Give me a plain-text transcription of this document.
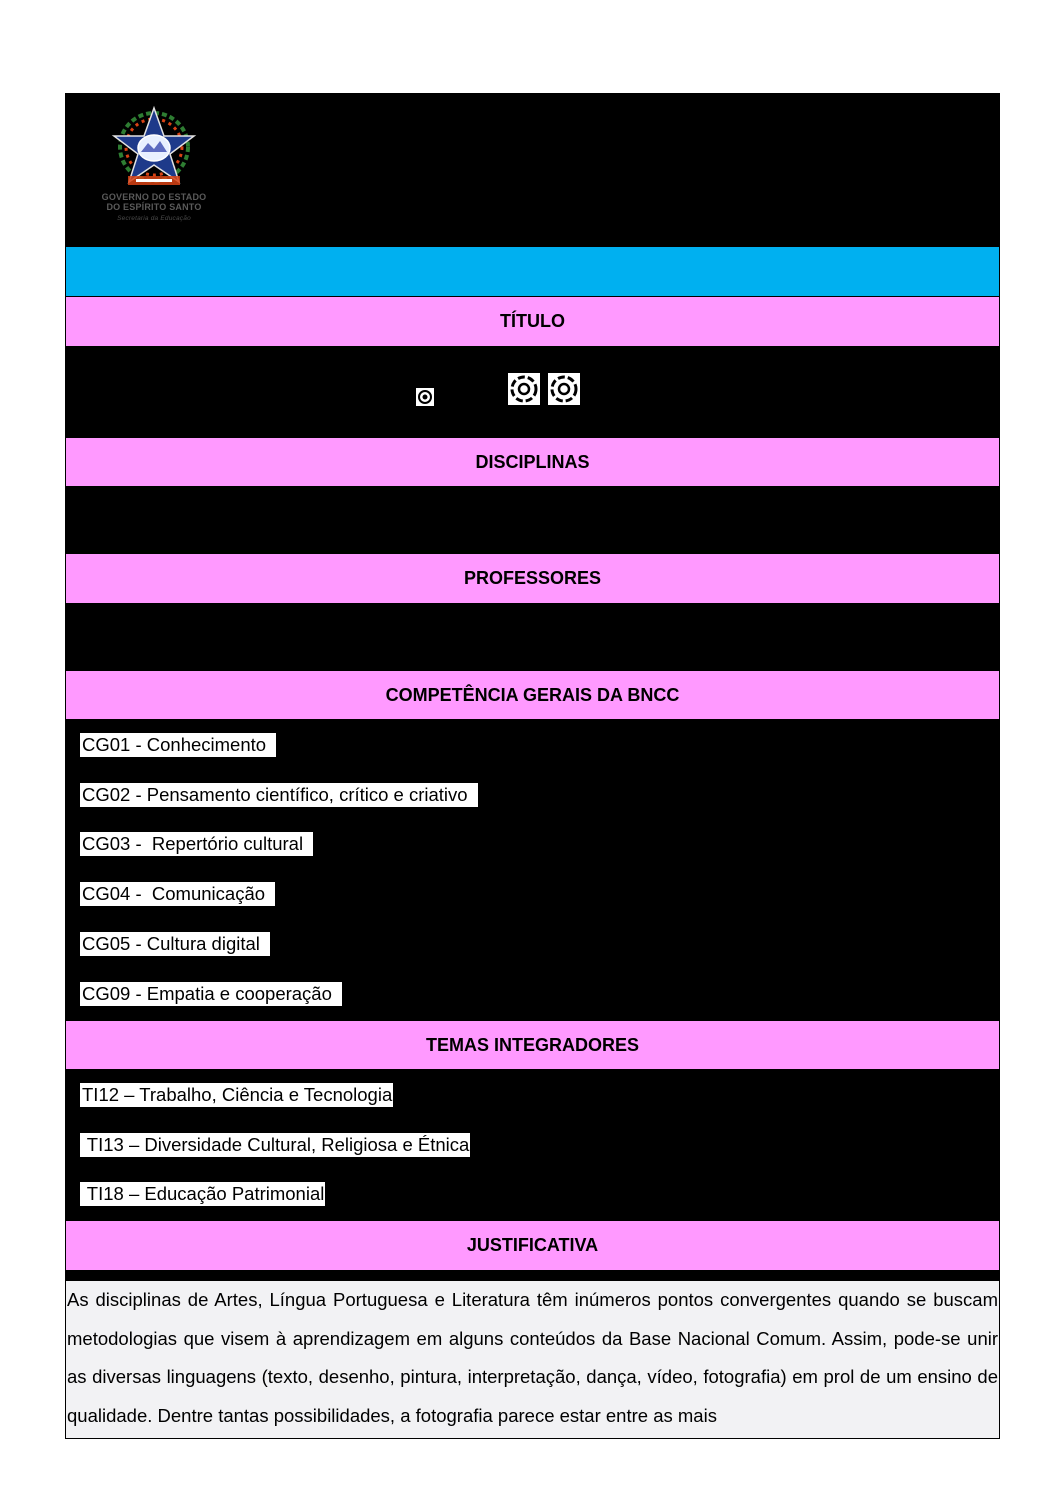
GOVERNO DO ESTADO
DO ESPÍRITO SANTO
Secretaria da Educação
TÍTULO
DISCIPLINAS
PROFESSORES
COMPETÊNCIA GERAIS DA BNCC
CG01 - Conhecimento
CG02 - Pensamento científico, crítico e criativo
CG03 -  Repertório cultural
CG04 -  Comunicação
CG05 - Cultura digital
CG09 - Empatia e cooperação
TEMAS INTEGRADORES
TI12 – Trabalho, Ciência e Tecnologia
TI13 – Diversidade Cultural, Religiosa e Étnica
TI18 – Educação Patrimonial
JUSTIFICATIVA

As disciplinas de Artes, Língua Portuguesa e Literatura têm inúmeros pontos convergentes quando se buscam metodologias que visem à aprendizagem em alguns conteúdos da Base Nacional Comum. Assim, pode-se unir as diversas linguagens (texto, desenho, pintura, interpretação, dança, vídeo, fotografia) em prol de um ensino de qualidade. Dentre tantas possibilidades, a fotografia parece estar entre as mais
